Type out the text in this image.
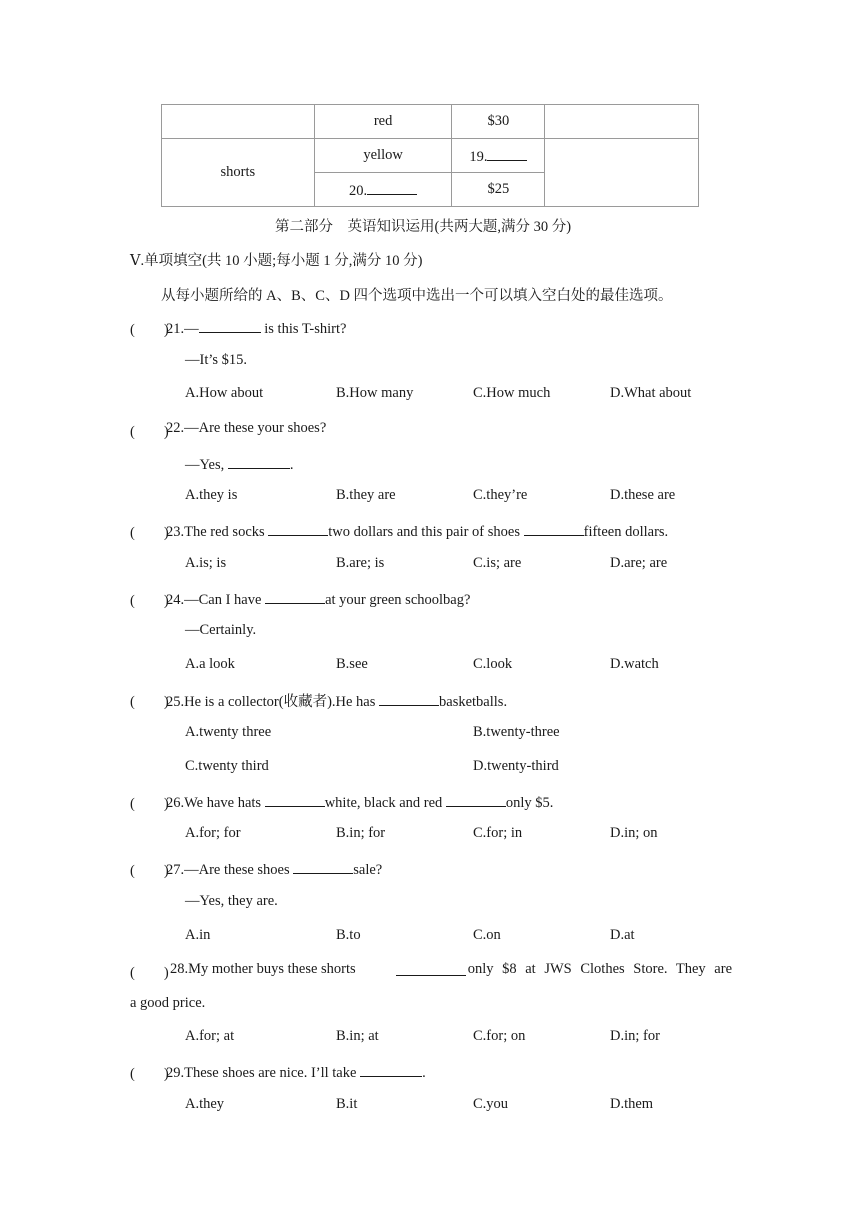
	red	$30	
shorts	yellow	19.	
	20.	$25	
第二部分　英语知识运用(共两大题,满分 30 分)
Ⅴ.单项填空(共 10 小题;每小题 1 分,满分 10 分)
从每小题所给的 A、B、C、D 四个选项中选出一个可以填入空白处的最佳选项。
(　　)
21.—	is this T-shirt?
—It’s $15.
A.How about	B.How many	C.How much	D.What about
(　　)
22.—Are these your shoes?
—Yes,	.
A.they is	B.they are	C.they’re	D.these are
(　　)
23.The red socks	two dollars and this pair of shoes	fifteen dollars.
A.is; is	B.are; is	C.is; are	D.are; are
(　　)
24.—Can I have	at your green schoolbag?
—Certainly.
A.a look	B.see	C.look	D.watch
(　　)
25.He is a collector(收藏者).He has	basketballs.
A.twenty three	B.twenty-three
C.twenty third	D.twenty-third
(　　)
26.We have hats	white, black and red	only $5.
A.for; for	B.in; for	C.for; in	D.in; on
(　　)
27.—Are these shoes	sale?
—Yes, they are.
A.in	B.to	C.on	D.at
(　　) 28.My mother buys these shorts	only $8 at JWS Clothes Store. They are
a good price.
A.for; at	B.in; at	C.for; on	D.in; for
(　　)
29.These shoes are nice. I’ll take	.
A.they	B.it	C.you	D.them
